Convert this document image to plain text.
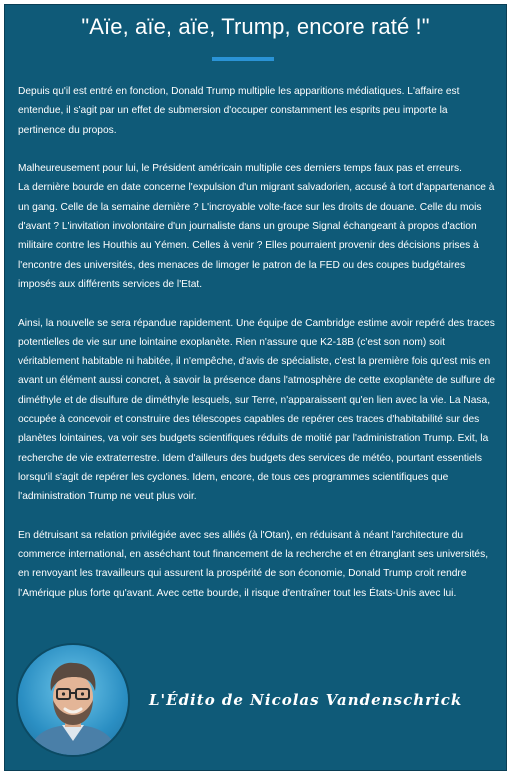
"Aïe, aïe, aïe, Trump, encore raté !"

Depuis qu'il est entré en fonction, Donald Trump multiplie les apparitions médiatiques. L'affaire est entendue, il s'agit par un effet de submersion d'occuper constamment les esprits peu importe la pertinence du propos.

Malheureusement pour lui, le Président américain multiplie ces derniers temps faux pas et erreurs.

La dernière bourde en date concerne l'expulsion d'un migrant salvadorien, accusé à tort d'appartenance à un gang. Celle de la semaine dernière ? L'incroyable volte-face sur les droits de douane. Celle du mois d'avant ? L'invitation involontaire d'un journaliste dans un groupe Signal échangeant à propos d'action militaire contre les Houthis au Yémen. Celles à venir ? Elles pourraient provenir des décisions prises à l'encontre des universités, des menaces de limoger le patron de la FED ou des coupes budgétaires imposés aux différents services de l'Etat.

Ainsi, la nouvelle se sera répandue rapidement. Une équipe de Cambridge estime avoir repéré des traces potentielles de vie sur une lointaine exoplanète. Rien n'assure que K2-18B (c'est son nom) soit véritablement habitable ni habitée, il n'empêche, d'avis de spécialiste, c'est la première fois qu'est mis en avant un élément aussi concret, à savoir la présence dans l'atmosphère de cette exoplanète de sulfure de diméthyle et de disulfure de diméthyle lesquels, sur Terre, n'apparaissent qu'en lien avec la vie. La Nasa, occupée à concevoir et construire des télescopes capables de repérer ces traces d'habitabilité sur des planètes lointaines, va voir ses budgets scientifiques réduits de moitié par l'administration Trump. Exit, la recherche de vie extraterrestre. Idem d'ailleurs des budgets des services de météo, pourtant essentiels lorsqu'il s'agit de repérer les cyclones. Idem, encore, de tous ces programmes scientifiques que l'administration Trump ne veut plus voir.

En détruisant sa relation privilégiée avec ses alliés (à l'Otan), en réduisant à néant l'architecture du commerce international, en asséchant tout financement de la recherche et en étranglant ses universités, en renvoyant les travailleurs qui assurent la prospérité de son économie, Donald Trump croit rendre l'Amérique plus forte qu'avant. Avec cette bourde, il risque d'entraîner tout les États-Unis avec lui.

L'Édito de Nicolas Vandenschrick
